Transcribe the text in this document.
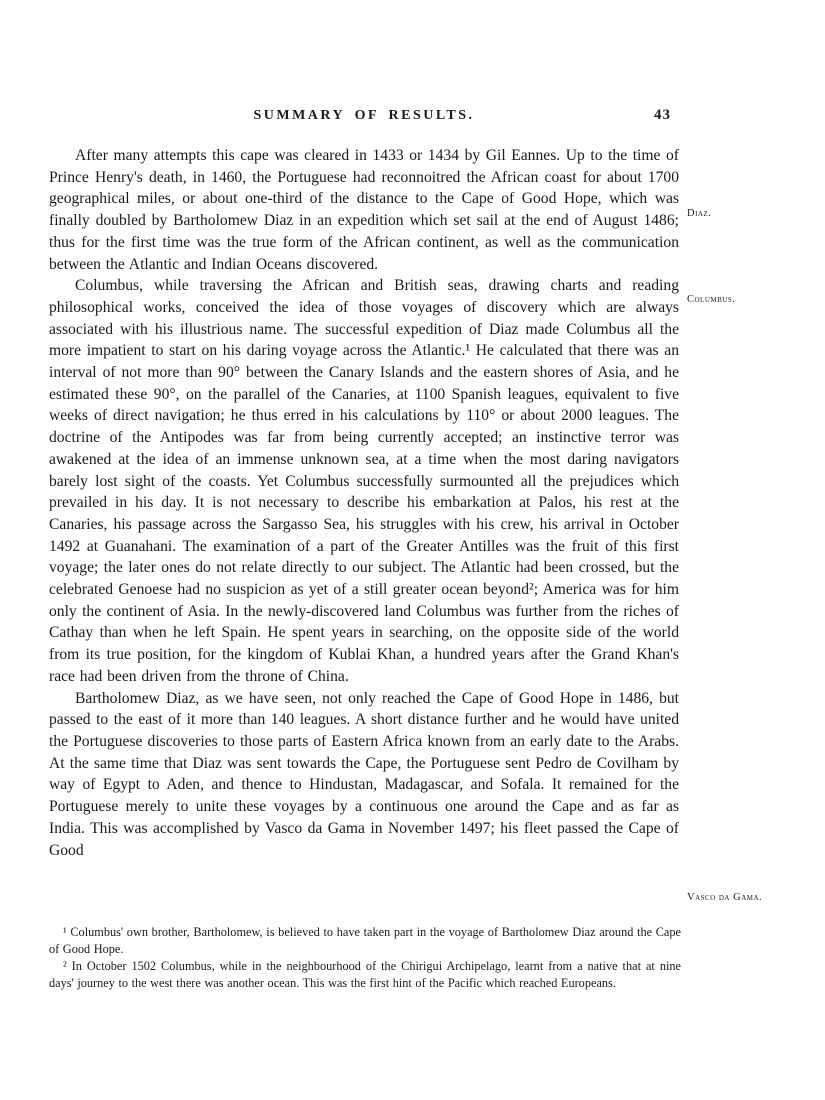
SUMMARY OF RESULTS.	43

After many attempts this cape was cleared in 1433 or 1434 by Gil Eannes. Up to the time of Prince Henry's death, in 1460, the Portuguese had reconnoitred the African coast for about 1700 geographical miles, or about one-third of the distance to the Cape of Good Hope, which was finally doubled by Bartholomew Diaz in an expedition which set sail at the end of August 1486; thus for the first time was the true form of the African continent, as well as the communication between the Atlantic and Indian Oceans discovered.

Columbus, while traversing the African and British seas, drawing charts and reading philosophical works, conceived the idea of those voyages of discovery which are always associated with his illustrious name. The successful expedition of Diaz made Columbus all the more impatient to start on his daring voyage across the Atlantic.¹ He calculated that there was an interval of not more than 90° between the Canary Islands and the eastern shores of Asia, and he estimated these 90°, on the parallel of the Canaries, at 1100 Spanish leagues, equivalent to five weeks of direct navigation; he thus erred in his calculations by 110° or about 2000 leagues. The doctrine of the Antipodes was far from being currently accepted; an instinctive terror was awakened at the idea of an immense unknown sea, at a time when the most daring navigators barely lost sight of the coasts. Yet Columbus successfully surmounted all the prejudices which prevailed in his day. It is not necessary to describe his embarkation at Palos, his rest at the Canaries, his passage across the Sargasso Sea, his struggles with his crew, his arrival in October 1492 at Guanahani. The examination of a part of the Greater Antilles was the fruit of this first voyage; the later ones do not relate directly to our subject. The Atlantic had been crossed, but the celebrated Genoese had no suspicion as yet of a still greater ocean beyond²; America was for him only the continent of Asia. In the newly-discovered land Columbus was further from the riches of Cathay than when he left Spain. He spent years in searching, on the opposite side of the world from its true position, for the kingdom of Kublai Khan, a hundred years after the Grand Khan's race had been driven from the throne of China.

Bartholomew Diaz, as we have seen, not only reached the Cape of Good Hope in 1486, but passed to the east of it more than 140 leagues. A short distance further and he would have united the Portuguese discoveries to those parts of Eastern Africa known from an early date to the Arabs. At the same time that Diaz was sent towards the Cape, the Portuguese sent Pedro de Covilham by way of Egypt to Aden, and thence to Hindustan, Madagascar, and Sofala. It remained for the Portuguese merely to unite these voyages by a continuous one around the Cape and as far as India. This was accomplished by Vasco da Gama in November 1497; his fleet passed the Cape of Good

Diaz.
Columbus.
Vasco da Gama.

¹ Columbus' own brother, Bartholomew, is believed to have taken part in the voyage of Bartholomew Diaz around the Cape of Good Hope.

² In October 1502 Columbus, while in the neighbourhood of the Chirigui Archipelago, learnt from a native that at nine days' journey to the west there was another ocean. This was the first hint of the Pacific which reached Europeans.
